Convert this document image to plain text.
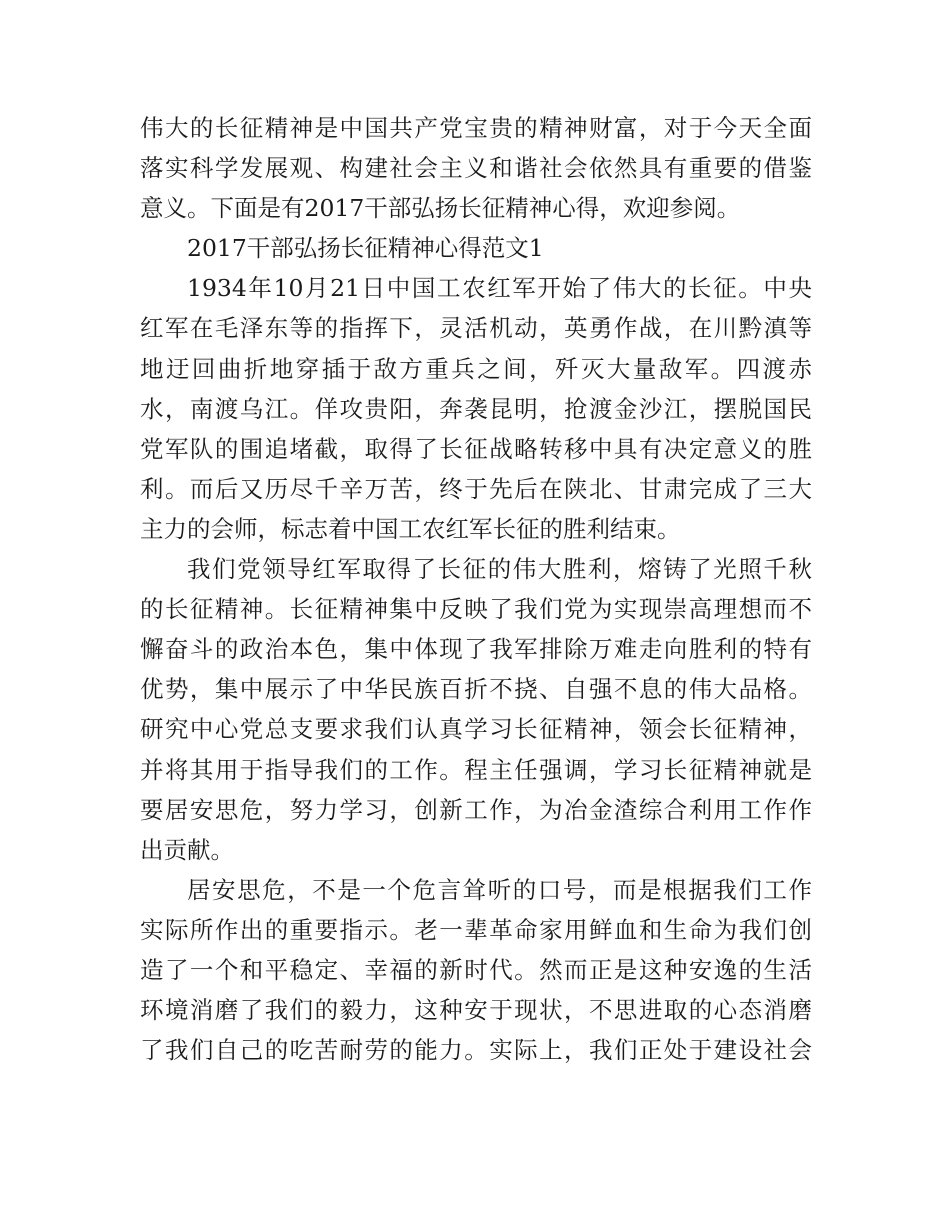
伟大的长征精神是中国共产党宝贵的精神财富，对于今天全面
落实科学发展观、构建社会主义和谐社会依然具有重要的借鉴
意义。下面是有2017干部弘扬长征精神心得，欢迎参阅。
2017干部弘扬长征精神心得范文1
1934年10月21日中国工农红军开始了伟大的长征。中央
红军在毛泽东等的指挥下，灵活机动，英勇作战，在川黔滇等
地迂回曲折地穿插于敌方重兵之间，歼灭大量敌军。四渡赤
水，南渡乌江。佯攻贵阳，奔袭昆明，抢渡金沙江，摆脱国民
党军队的围追堵截，取得了长征战略转移中具有决定意义的胜
利。而后又历尽千辛万苦，终于先后在陕北、甘肃完成了三大
主力的会师，标志着中国工农红军长征的胜利结束。
我们党领导红军取得了长征的伟大胜利，熔铸了光照千秋
的长征精神。长征精神集中反映了我们党为实现崇高理想而不
懈奋斗的政治本色，集中体现了我军排除万难走向胜利的特有
优势，集中展示了中华民族百折不挠、自强不息的伟大品格。
研究中心党总支要求我们认真学习长征精神，领会长征精神，
并将其用于指导我们的工作。程主任强调，学习长征精神就是
要居安思危，努力学习，创新工作，为冶金渣综合利用工作作
出贡献。
居安思危，不是一个危言耸听的口号，而是根据我们工作
实际所作出的重要指示。老一辈革命家用鲜血和生命为我们创
造了一个和平稳定、幸福的新时代。然而正是这种安逸的生活
环境消磨了我们的毅力，这种安于现状，不思进取的心态消磨
了我们自己的吃苦耐劳的能力。实际上，我们正处于建设社会
